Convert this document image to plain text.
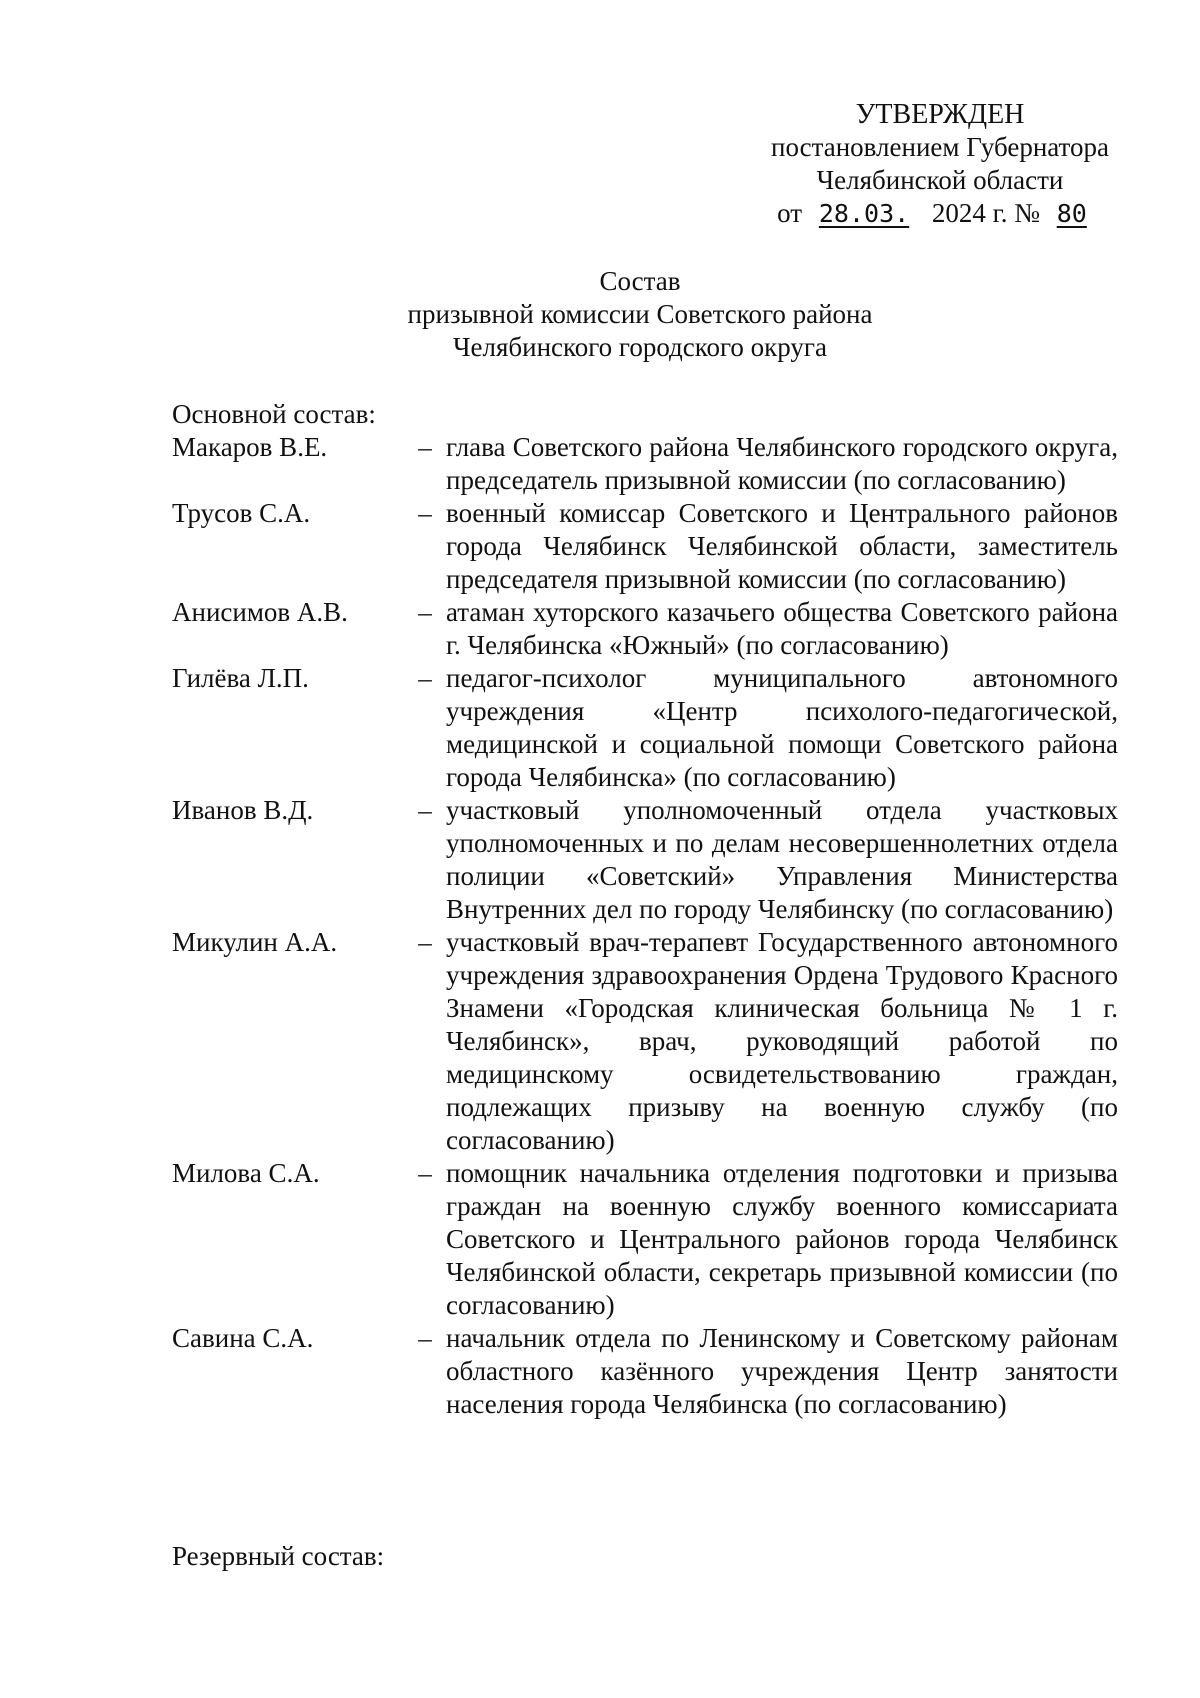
УТВЕРЖДЕН
постановлением Губернатора
Челябинской области
от 28.03. 2024 г. № 80
Состав
призывной комиссии Советского района
Челябинского городского округа
Основной состав:
Макаров В.Е.	– глава Советского района Челябинского городского округа, председатель призывной комиссии (по согласованию)
Трусов С.А.	– военный комиссар Советского и Центрального районов города Челябинск Челябинской области, заместитель председателя призывной комиссии (по согласованию)
Анисимов А.В.	– атаман хуторского казачьего общества Советского района г. Челябинска «Южный» (по согласованию)
Гилёва Л.П.	– педагог-психолог муниципального автономного учреждения «Центр психолого-педагогической, медицинской и социальной помощи Советского района города Челябинска» (по согласованию)
Иванов В.Д.	– участковый уполномоченный отдела участковых уполномоченных и по делам несовершеннолетних отдела полиции «Советский» Управления Министерства Внутренних дел по городу Челябинску (по согласованию)
Микулин А.А.	– участковый врач-терапевт Государственного автономного учреждения здравоохранения Ордена Трудового Красного Знамени «Городская клиническая больница № 1 г. Челябинск», врач, руководящий работой по медицинскому освидетельствованию граждан, подлежащих призыву на военную службу (по согласованию)
Милова С.А.	– помощник начальника отделения подготовки и призыва граждан на военную службу военного комиссариата Советского и Центрального районов города Челябинск Челябинской области, секретарь призывной комиссии (по согласованию)
Савина С.А.	– начальник отдела по Ленинскому и Советскому районам областного казённого учреждения Центр занятости населения города Челябинска (по согласованию)
Резервный состав:
